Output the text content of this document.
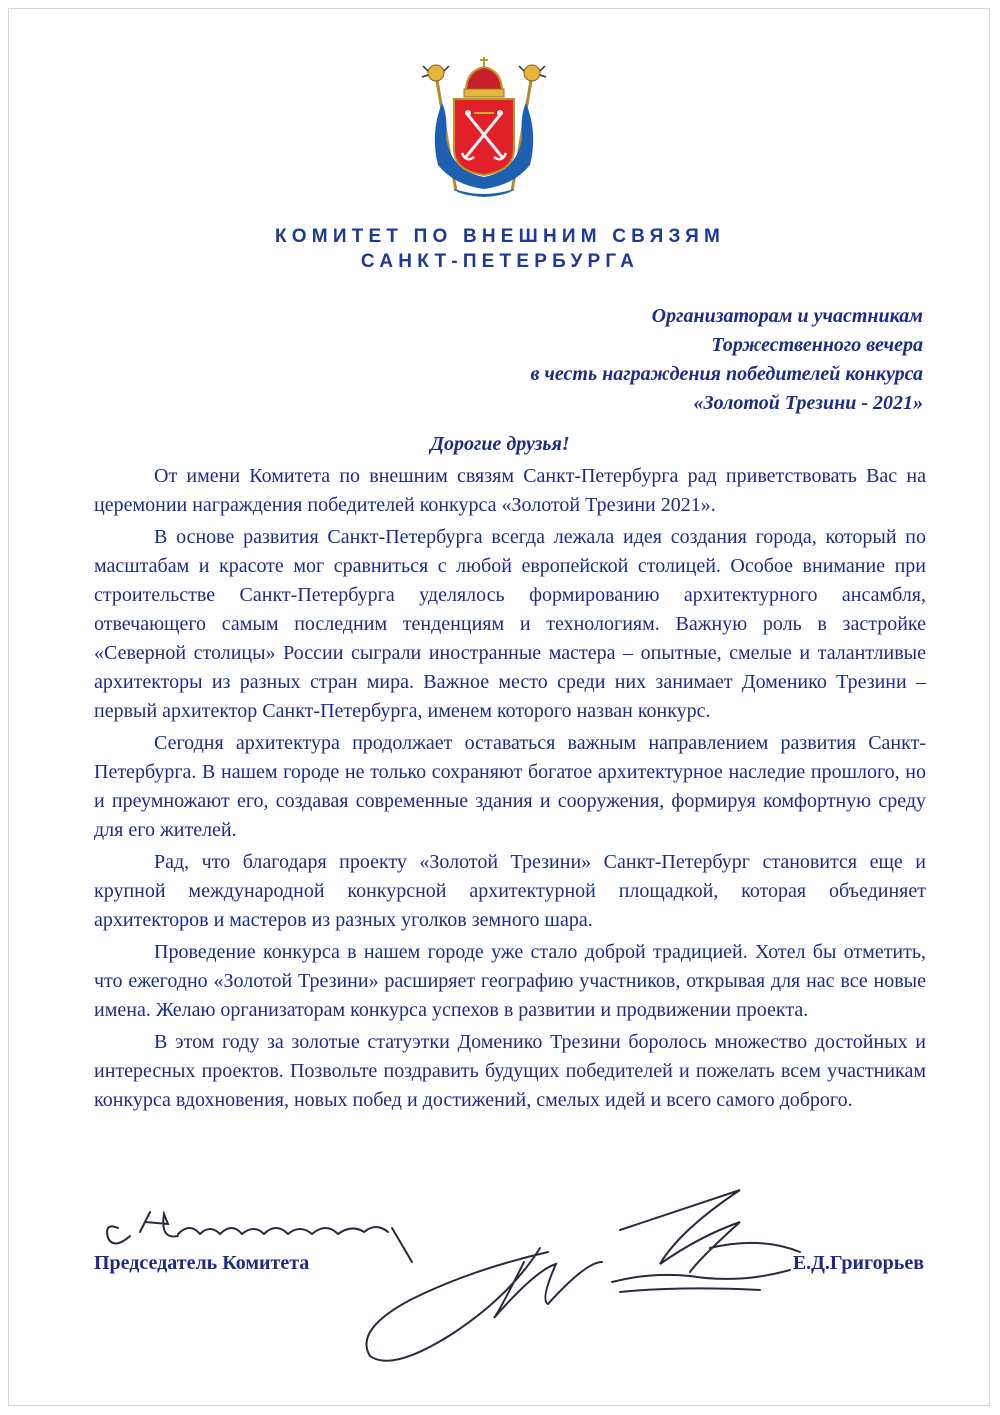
КОМИТЕТ ПО ВНЕШНИМ СВЯЗЯМ
САНКТ-ПЕТЕРБУРГА
Организаторам и участникам
Торжественного вечера
в честь награждения победителей конкурса
«Золотой Трезини - 2021»
Дорогие друзья!

От имени Комитета по внешним связям Санкт-Петербурга рад приветствовать Вас на церемонии награждения победителей конкурса «Золотой Трезини 2021».

В основе развития Санкт-Петербурга всегда лежала идея создания города, который по масштабам и красоте мог сравниться с любой европейской столицей. Особое внимание при строительстве Санкт-Петербурга уделялось формированию архитектурного ансамбля, отвечающего самым последним тенденциям и технологиям. Важную роль в застройке «Северной столицы» России сыграли иностранные мастера – опытные, смелые и талантливые архитекторы из разных стран мира. Важное место среди них занимает Доменико Трезини – первый архитектор Санкт-Петербурга, именем которого назван конкурс.

Сегодня архитектура продолжает оставаться важным направлением развития Санкт-Петербурга. В нашем городе не только сохраняют богатое архитектурное наследие прошлого, но и преумножают его, создавая современные здания и сооружения, формируя комфортную среду для его жителей.

Рад, что благодаря проекту «Золотой Трезини» Санкт-Петербург становится еще и крупной международной конкурсной архитектурной площадкой, которая объединяет архитекторов и мастеров из разных уголков земного шара.

Проведение конкурса в нашем городе уже стало доброй традицией. Хотел бы отметить, что ежегодно «Золотой Трезини» расширяет географию участников, открывая для нас все новые имена. Желаю организаторам конкурса успехов в развитии и продвижении проекта.

В этом году за золотые статуэтки Доменико Трезини боролось множество достойных и интересных проектов. Позвольте поздравить будущих победителей и пожелать всем участникам конкурса вдохновения, новых побед и достижений, смелых идей и всего самого доброго.

Председатель Комитета	Е.Д.Григорьев
